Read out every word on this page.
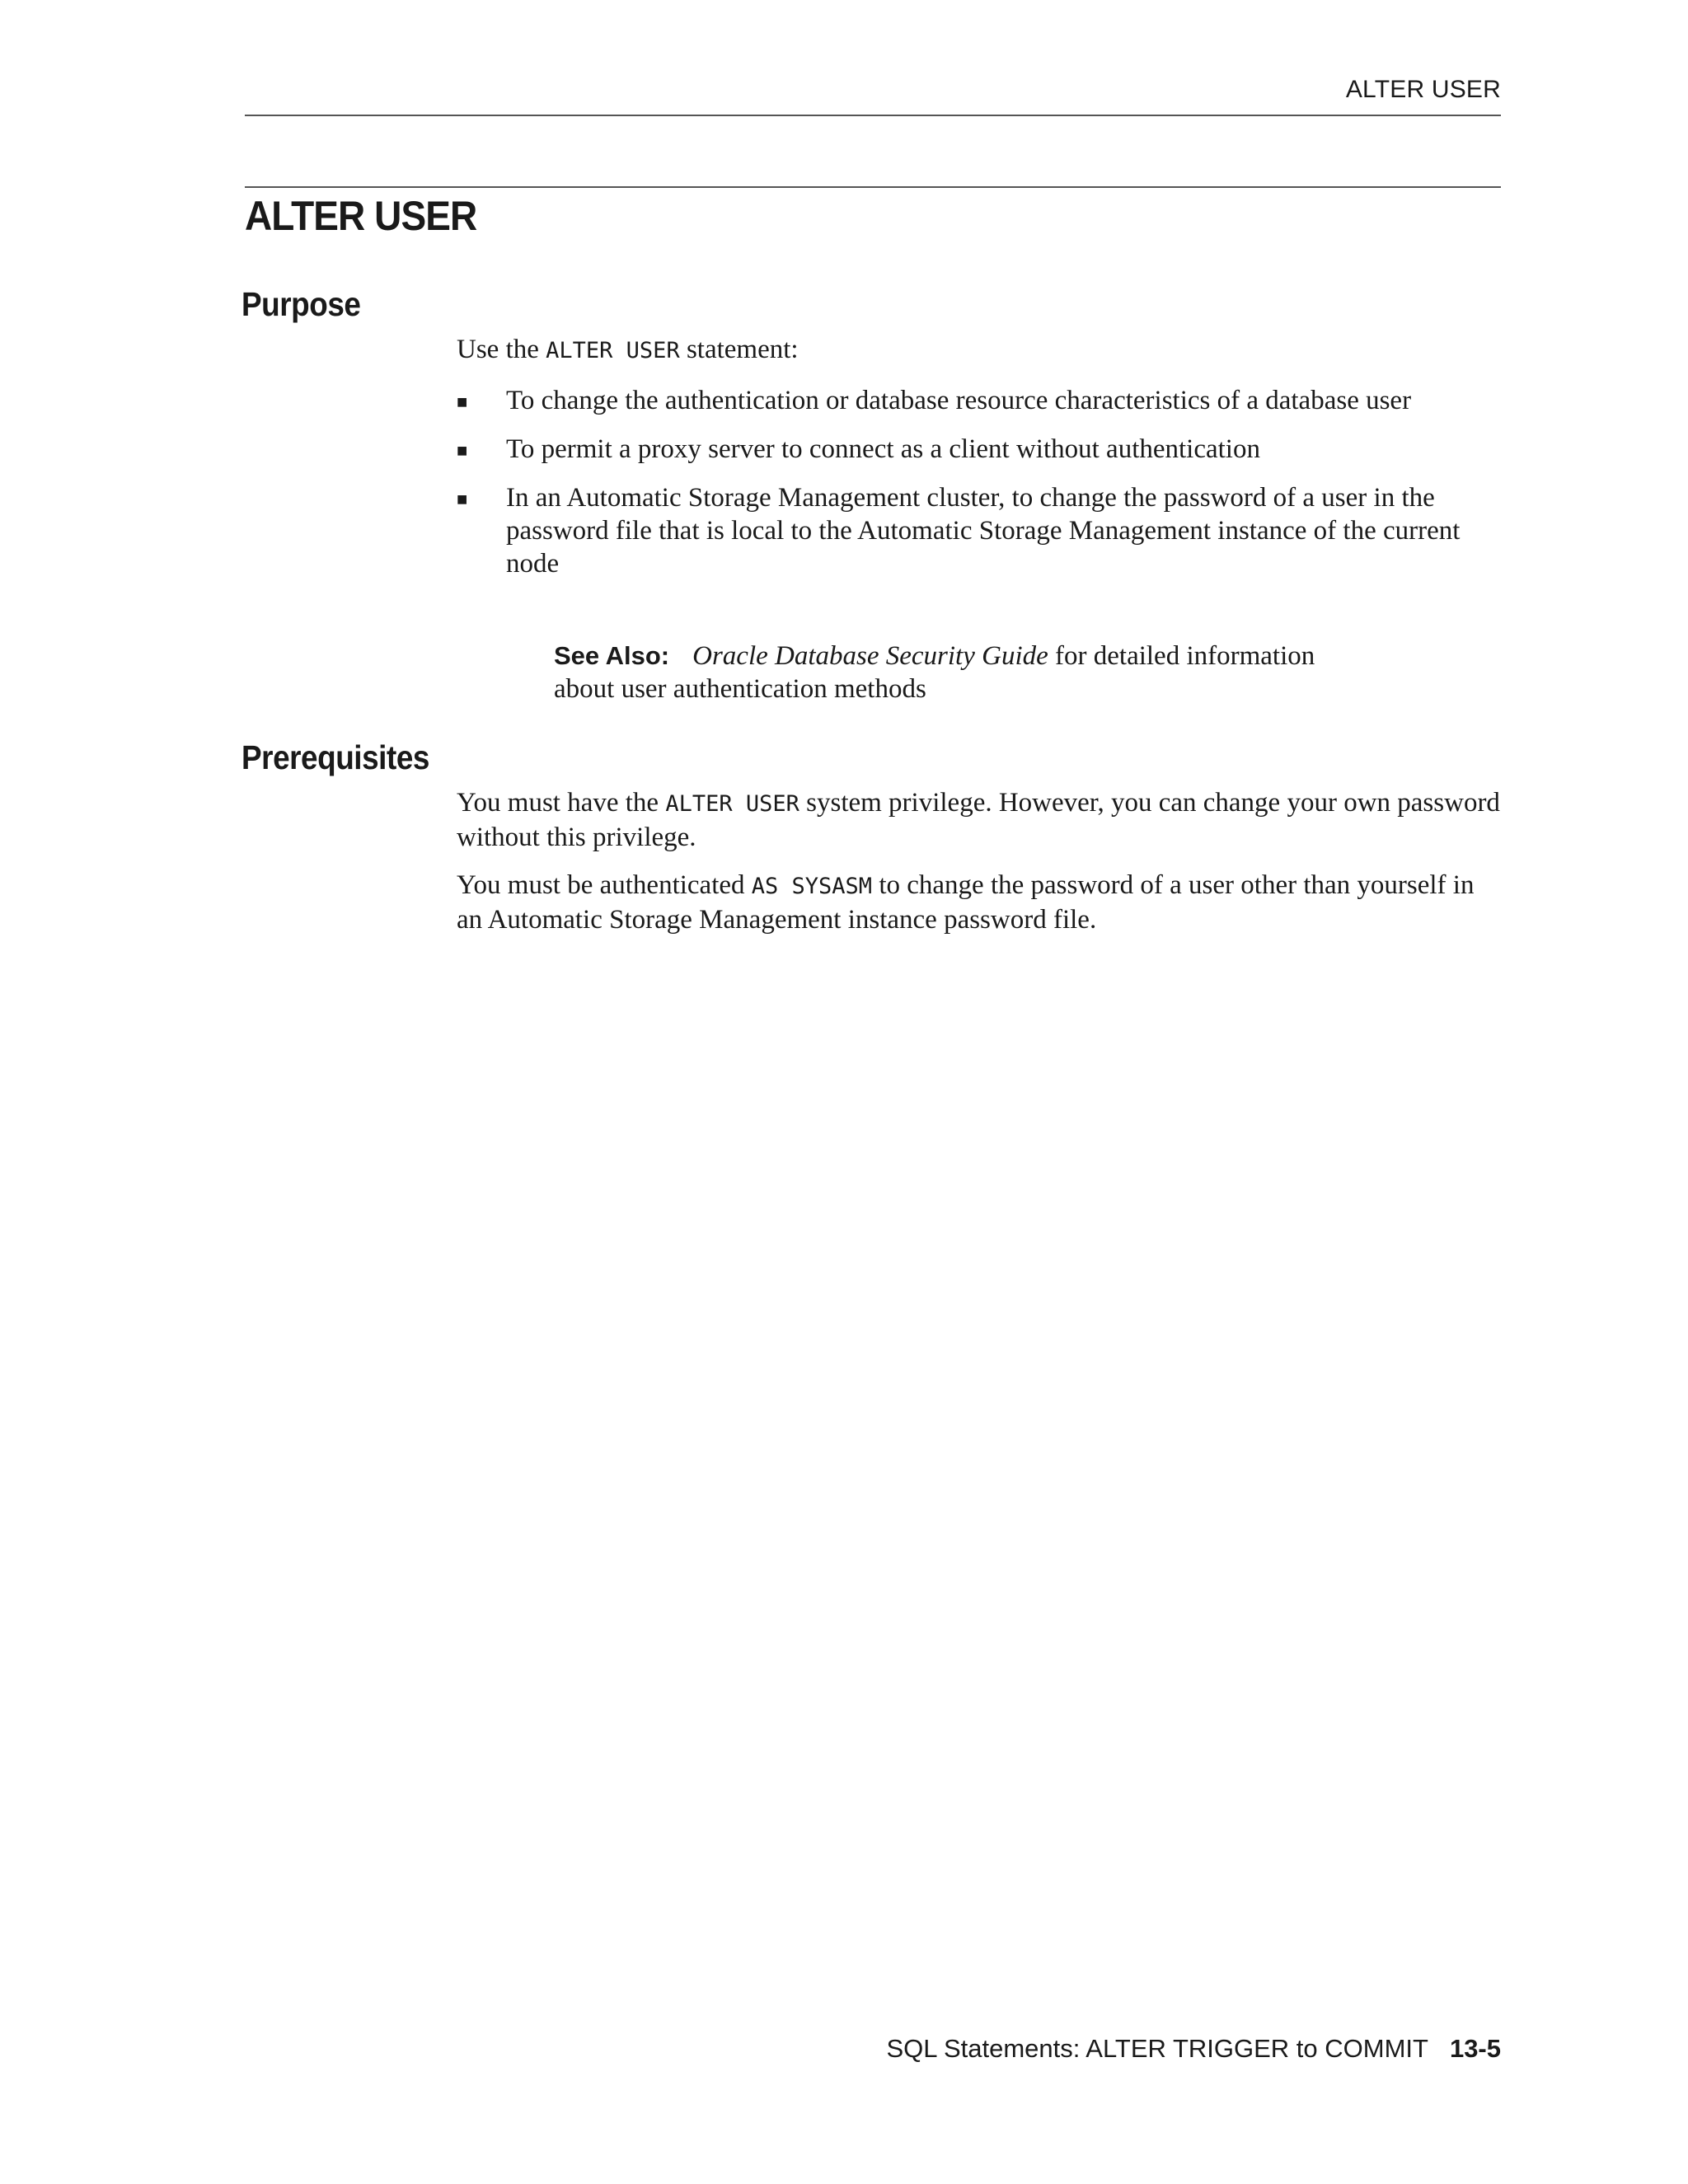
ALTER USER
ALTER USER
Purpose

Use the ALTER USER statement:

■	To change the authentication or database resource characteristics of a database user
■	To permit a proxy server to connect as a client without authentication
■	In an Automatic Storage Management cluster, to change the password of a user in the password file that is local to the Automatic Storage Management instance of the current node
See Also: Oracle Database Security Guide for detailed information about user authentication methods
Prerequisites

You must have the ALTER USER system privilege. However, you can change your own password without this privilege.

You must be authenticated AS SYSASM to change the password of a user other than yourself in an Automatic Storage Management instance password file.

SQL Statements: ALTER TRIGGER to COMMIT 13-5
